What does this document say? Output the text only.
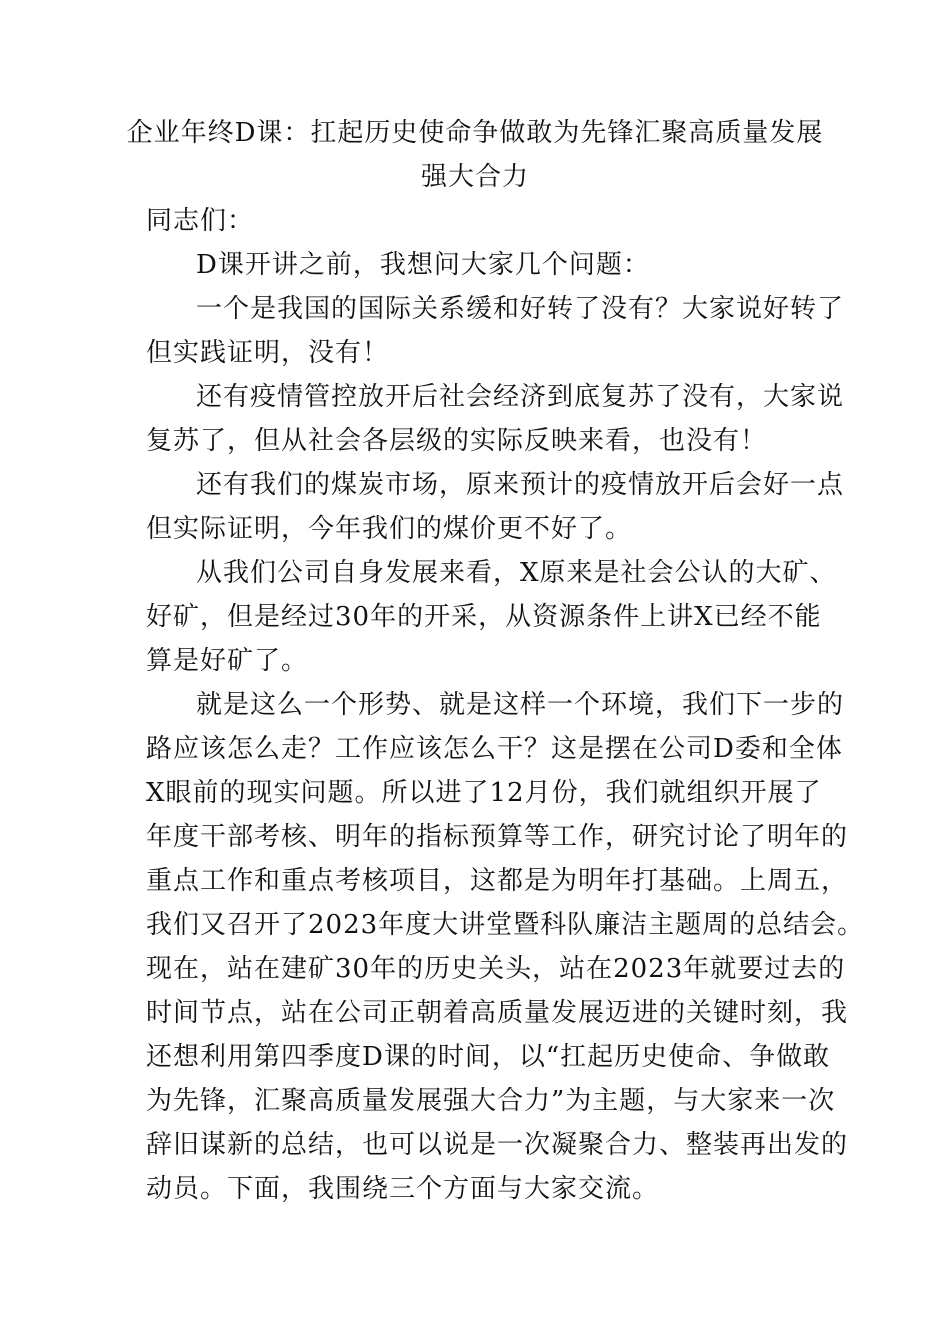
企业年终D课：扛起历史使命争做敢为先锋汇聚高质量发展
强大合力
同志们：
D课开讲之前，我想问大家几个问题：
一个是我国的国际关系缓和好转了没有？大家说好转了
但实践证明，没有！
还有疫情管控放开后社会经济到底复苏了没有，大家说
复苏了，但从社会各层级的实际反映来看，也没有！
还有我们的煤炭市场，原来预计的疫情放开后会好一点
但实际证明，今年我们的煤价更不好了。
从我们公司自身发展来看，X原来是社会公认的大矿、
好矿，但是经过30年的开采，从资源条件上讲X已经不能
算是好矿了。
就是这么一个形势、就是这样一个环境，我们下一步的
路应该怎么走？工作应该怎么干？这是摆在公司D委和全体
X眼前的现实问题。所以进了12月份，我们就组织开展了
年度干部考核、明年的指标预算等工作，研究讨论了明年的
重点工作和重点考核项目，这都是为明年打基础。上周五，
我们又召开了2023年度大讲堂暨科队廉洁主题周的总结会。
现在，站在建矿30年的历史关头，站在2023年就要过去的
时间节点，站在公司正朝着高质量发展迈进的关键时刻，我
还想利用第四季度D课的时间，以“扛起历史使命、争做敢
为先锋，汇聚高质量发展强大合力”为主题，与大家来一次
辞旧谋新的总结，也可以说是一次凝聚合力、整装再出发的
动员。下面，我围绕三个方面与大家交流。
